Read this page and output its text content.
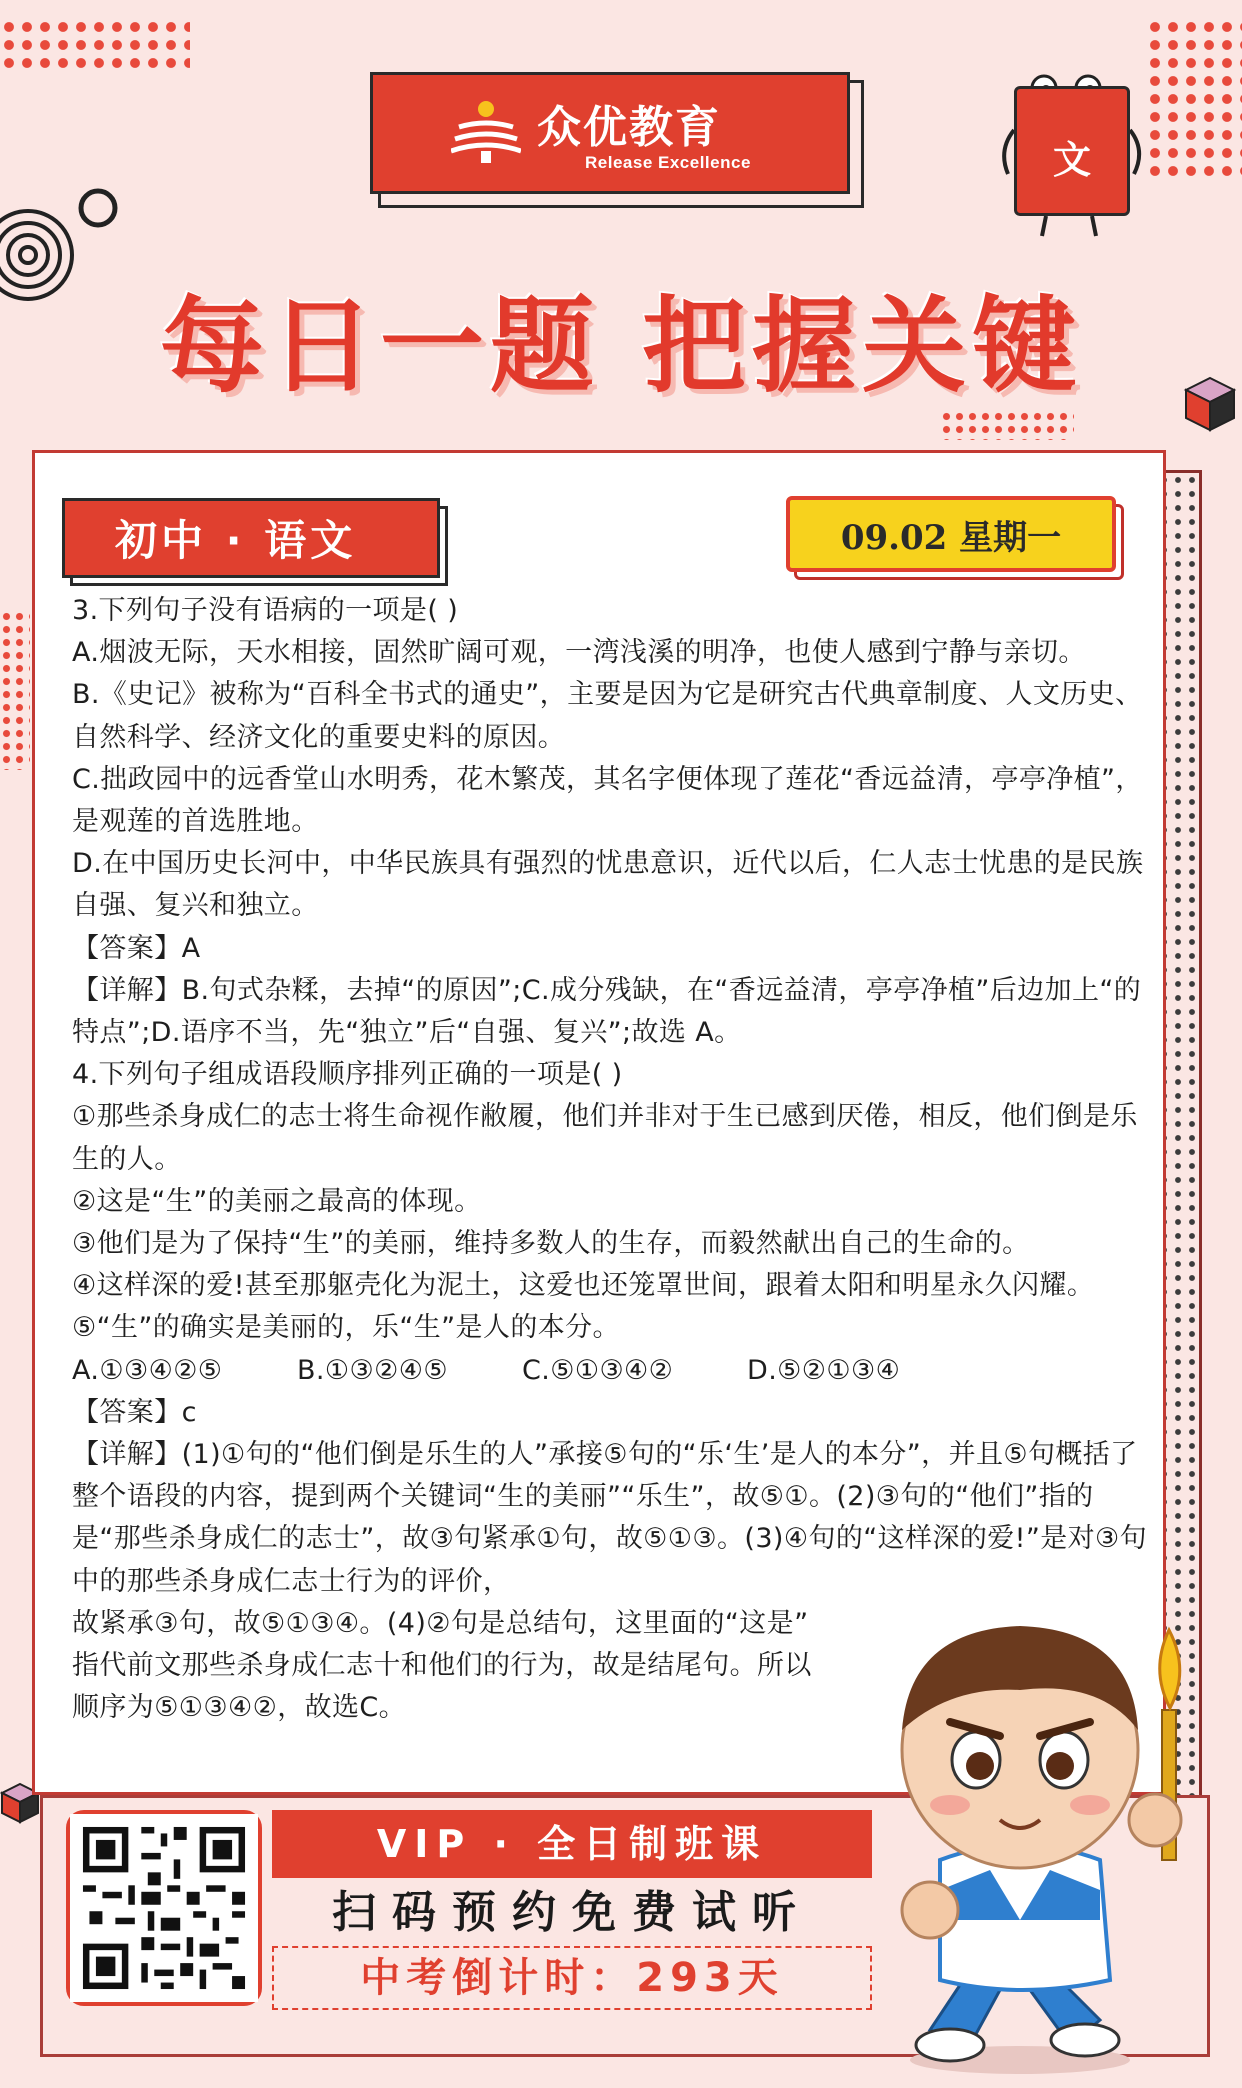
众优教育
Release Excellence	文
每日一题 把握关键
初中 · 语文	09.02 星期一

3.下列句子没有语病的一项是( )

A.烟波无际，天水相接，固然旷阔可观，一湾浅溪的明净，也使人感到宁静与亲切。

B.《史记》被称为“百科全书式的通史”，主要是因为它是研究古代典章制度、人文历史、自然科学、经济文化的重要史料的原因。

C.拙政园中的远香堂山水明秀，花木繁茂，其名字便体现了莲花“香远益清，亭亭净植”，是观莲的首选胜地。

D.在中国历史长河中，中华民族具有强烈的忧患意识，近代以后，仁人志士忧患的是民族自强、复兴和独立。

【答案】A

【详解】B.句式杂糅，去掉“的原因”;C.成分残缺，在“香远益清，亭亭净植”后边加上“的特点”;D.语序不当，先“独立”后“自强、复兴”;故选 A。

4.下列句子组成语段顺序排列正确的一项是( )

①那些杀身成仁的志士将生命视作敝履，他们并非对于生已感到厌倦，相反，他们倒是乐生的人。

②这是“生”的美丽之最高的体现。

③他们是为了保持“生”的美丽，维持多数人的生存，而毅然献出自己的生命的。

④这样深的爱!甚至那躯壳化为泥土，这爱也还笼罩世间，跟着太阳和明星永久闪耀。

⑤“生”的确实是美丽的，乐“生”是人的本分。

A.①③④②⑤	B.①③②④⑤	C.⑤①③④②	D.⑤②①③④

【答案】c

【详解】(1)①句的“他们倒是乐生的人”承接⑤句的“乐‘生’是人的本分”，并且⑤句概括了整个语段的内容，提到两个关键词“生的美丽”“乐生”，故⑤①。(2)③句的“他们”指的是“那些杀身成仁的志士”，故③句紧承①句，故⑤①③。(3)④句的“这样深的爱!”是对③句中的那些杀身成仁志士行为的评价，

故紧承③句，故⑤①③④。(4)②句是总结句，这里面的“这是”

指代前文那些杀身成仁志十和他们的行为，故是结尾句。所以

顺序为⑤①③④②，故选C。

VIP · 全日制班课
扫码预约免费试听
中考倒计时：293天
